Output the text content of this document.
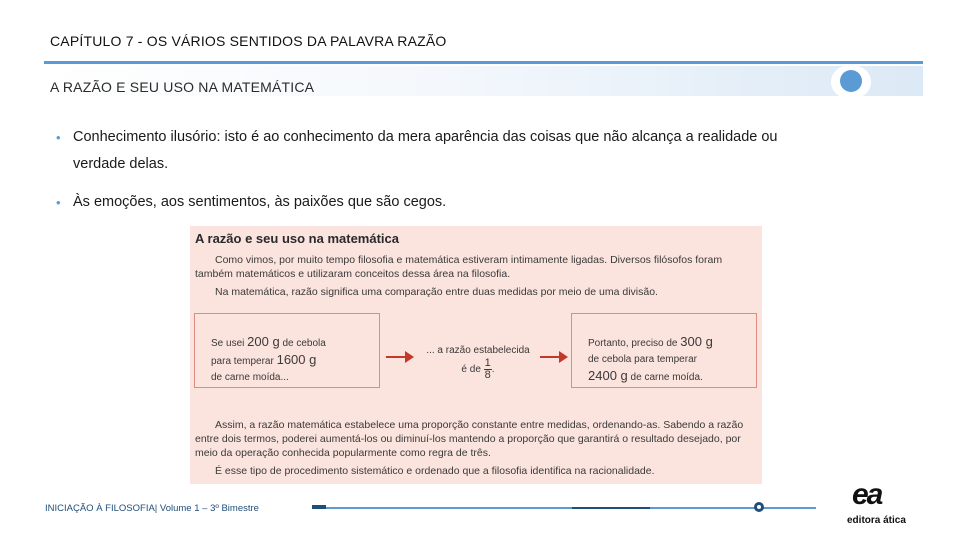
CAPÍTULO 7 - OS VÁRIOS SENTIDOS DA PALAVRA RAZÃO
A RAZÃO E SEU USO NA MATEMÁTICA
• Conhecimento ilusório: isto é ao conhecimento da mera aparência das coisas que não alcança a realidade ou
verdade delas.
• Às emoções, aos sentimentos, às paixões que são cegos.
A razão e seu uso na matemática

Como vimos, por muito tempo filosofia e matemática estiveram intimamente ligadas. Diversos filósofos foram também matemáticos e utilizaram conceitos dessa área na filosofia.

Na matemática, razão significa uma comparação entre duas medidas por meio de uma divisão.

Se usei 200 g de cebola
para temperar 1600 g
de carne moída...
... a razão estabelecida
é de $\frac{1}{8}$ .
Portanto, preciso de 300 g
de cebola para temperar
2400 g de carne moída.

Assim, a razão matemática estabelece uma proporção constante entre medidas, ordenando-as. Sabendo a razão entre dois termos, poderei aumentá-los ou diminuí-los mantendo a proporção que garantirá o resultado desejado, por meio da operação conhecida popularmente como regra de três.

É esse tipo de procedimento sistemático e ordenado que a filosofia identifica na racionalidade.

INICIAÇÃO À FILOSOFIA| Volume 1 – 3º Bimestre	ea
editora ática
